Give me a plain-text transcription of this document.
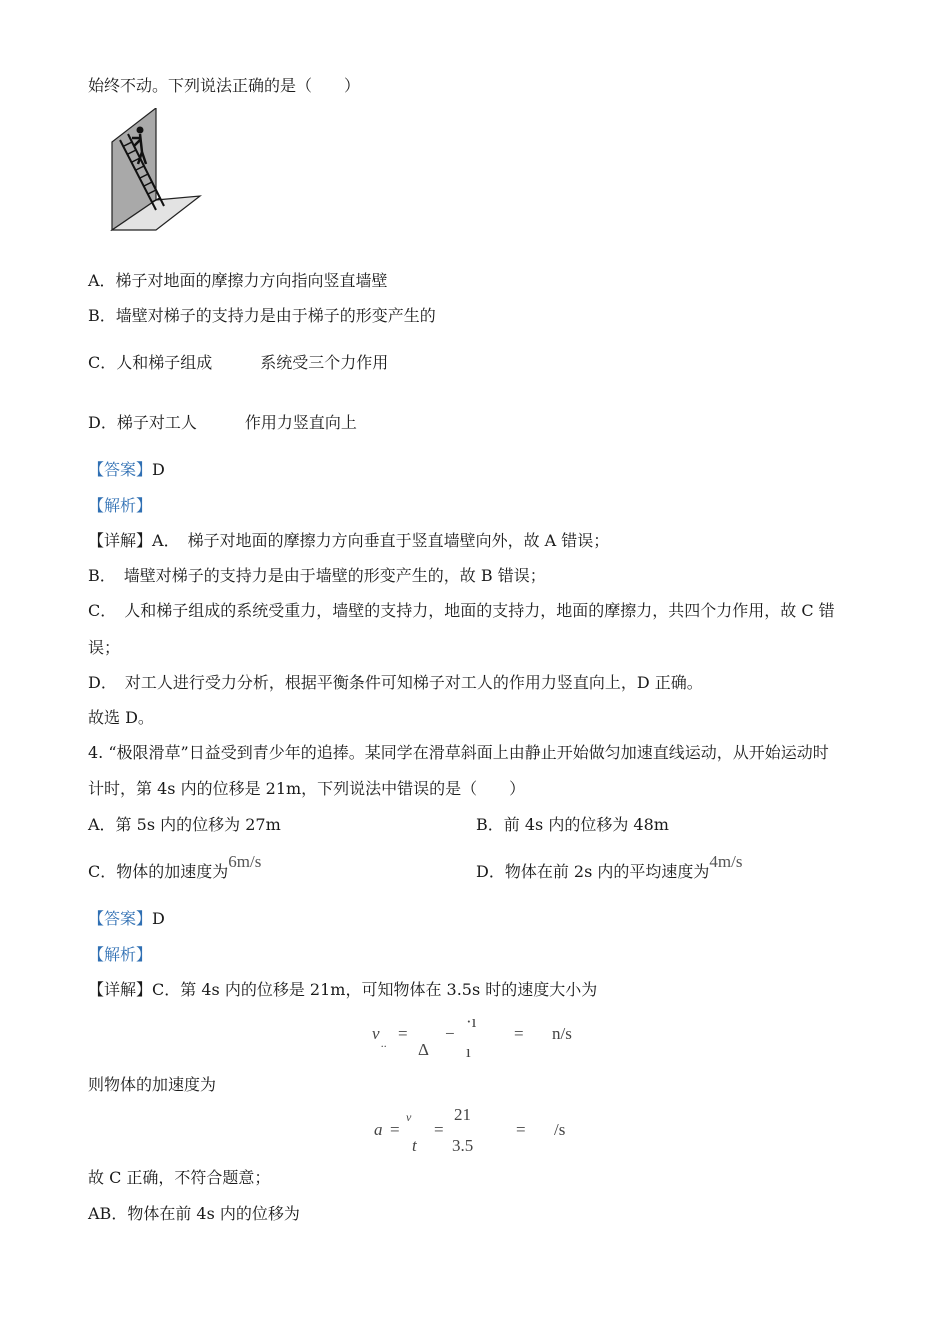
始终不动。下列说法正确的是（　　）
A．梯子对地面的摩擦力方向指向竖直墙壁
B．墙壁对梯子的支持力是由于梯子的形变产生的
C．人和梯子组成　　　系统受三个力作用
D．梯子对工人　　　作用力竖直向上
【答案】D
【解析】
【详解】A．　梯子对地面的摩擦力方向垂直于竖直墙壁向外，故 A 错误；
B．　墙壁对梯子的支持力是由于墙壁的形变产生的，故 B 错误；
C．　人和梯子组成的系统受重力，墙壁的支持力，地面的支持力，地面的摩擦力，共四个力作用，故 C 错
误；
D．　对工人进行受力分析，根据平衡条件可知梯子对工人的作用力竖直向上，D 正确。
故选 D。
4. “极限滑草”日益受到青少年的追捧。某同学在滑草斜面上由静止开始做匀加速直线运动，从开始运动时
计时，第 4s 内的位移是 21m，下列说法中错误的是（　　）
A．第 5s 内的位移为 27m	B．前 4s 内的位移为 48m
C．物体的加速度为6m/s
D．物体在前 2s 内的平均速度为4m/s
【答案】D
【解析】
【详解】C．第 4s 内的位移是 21m，可知物体在 3.5s 时的速度大小为
v .. =
Δ
−
·ı
ı
= n/s
则物体的加速度为
a =
v
t
=
21
3.5
= /s
故 C 正确，不符合题意；
AB．物体在前 4s 内的位移为
